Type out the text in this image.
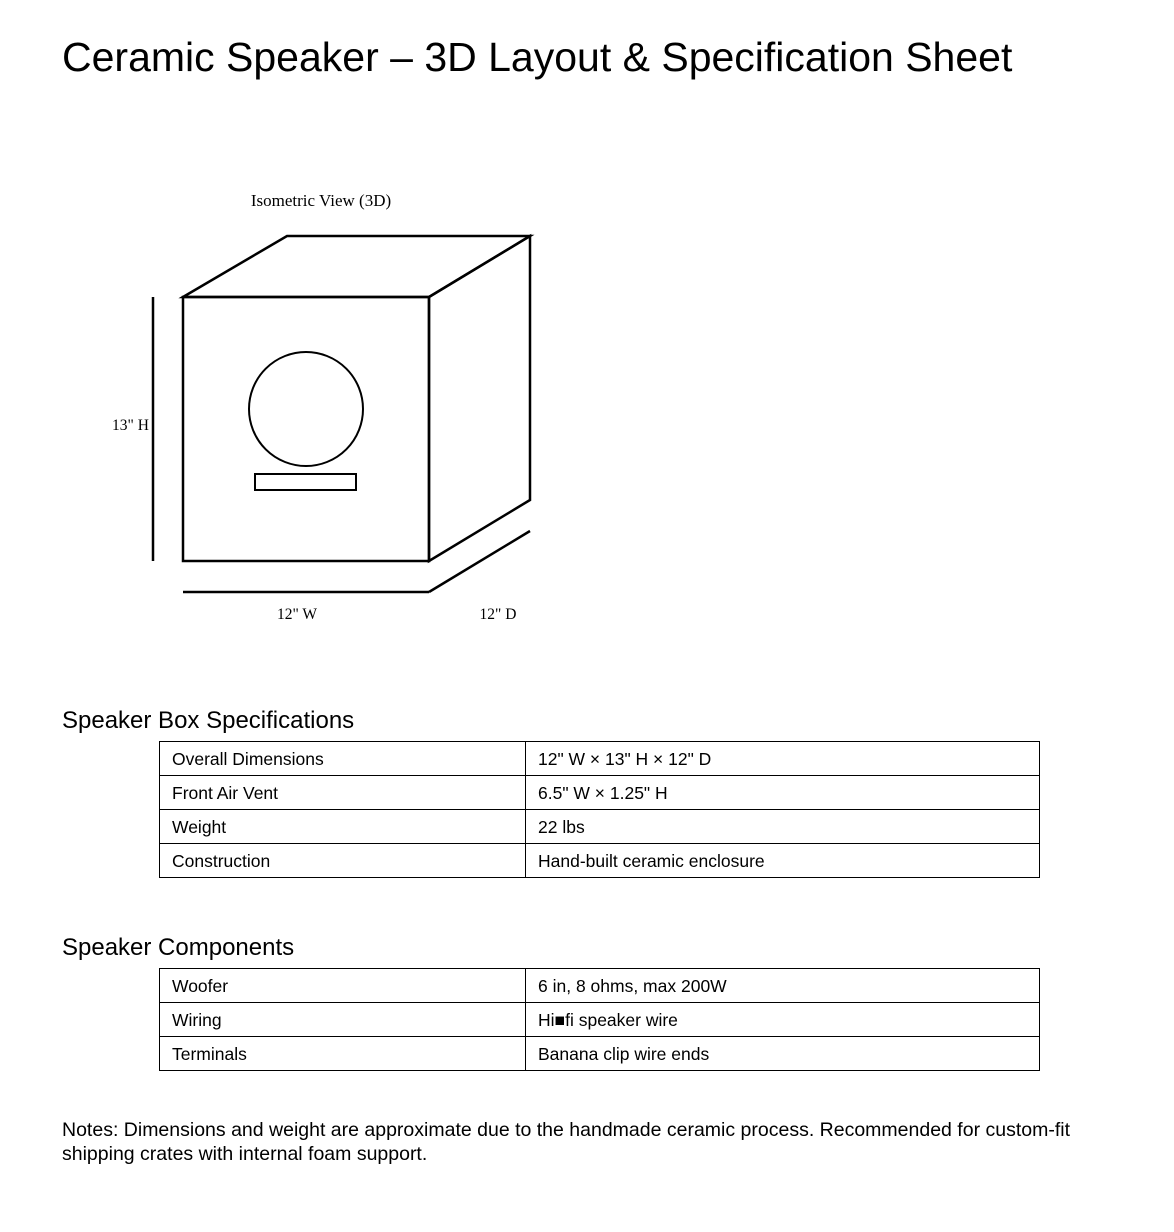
Ceramic Speaker – 3D Layout & Specification Sheet
Isometric View (3D)
13" H
12" W	12" D
Speaker Box Specifications
Overall Dimensions	12" W × 13" H × 12" D
Front Air Vent	6.5" W × 1.25" H
Weight	22 lbs
Construction	Hand-built ceramic enclosure
Speaker Components
Woofer	6 in, 8 ohms, max 200W
Wiring	Hi■fi speaker wire
Terminals	Banana clip wire ends

Notes: Dimensions and weight are approximate due to the handmade ceramic process. Recommended for custom-fit shipping crates with internal foam support.
